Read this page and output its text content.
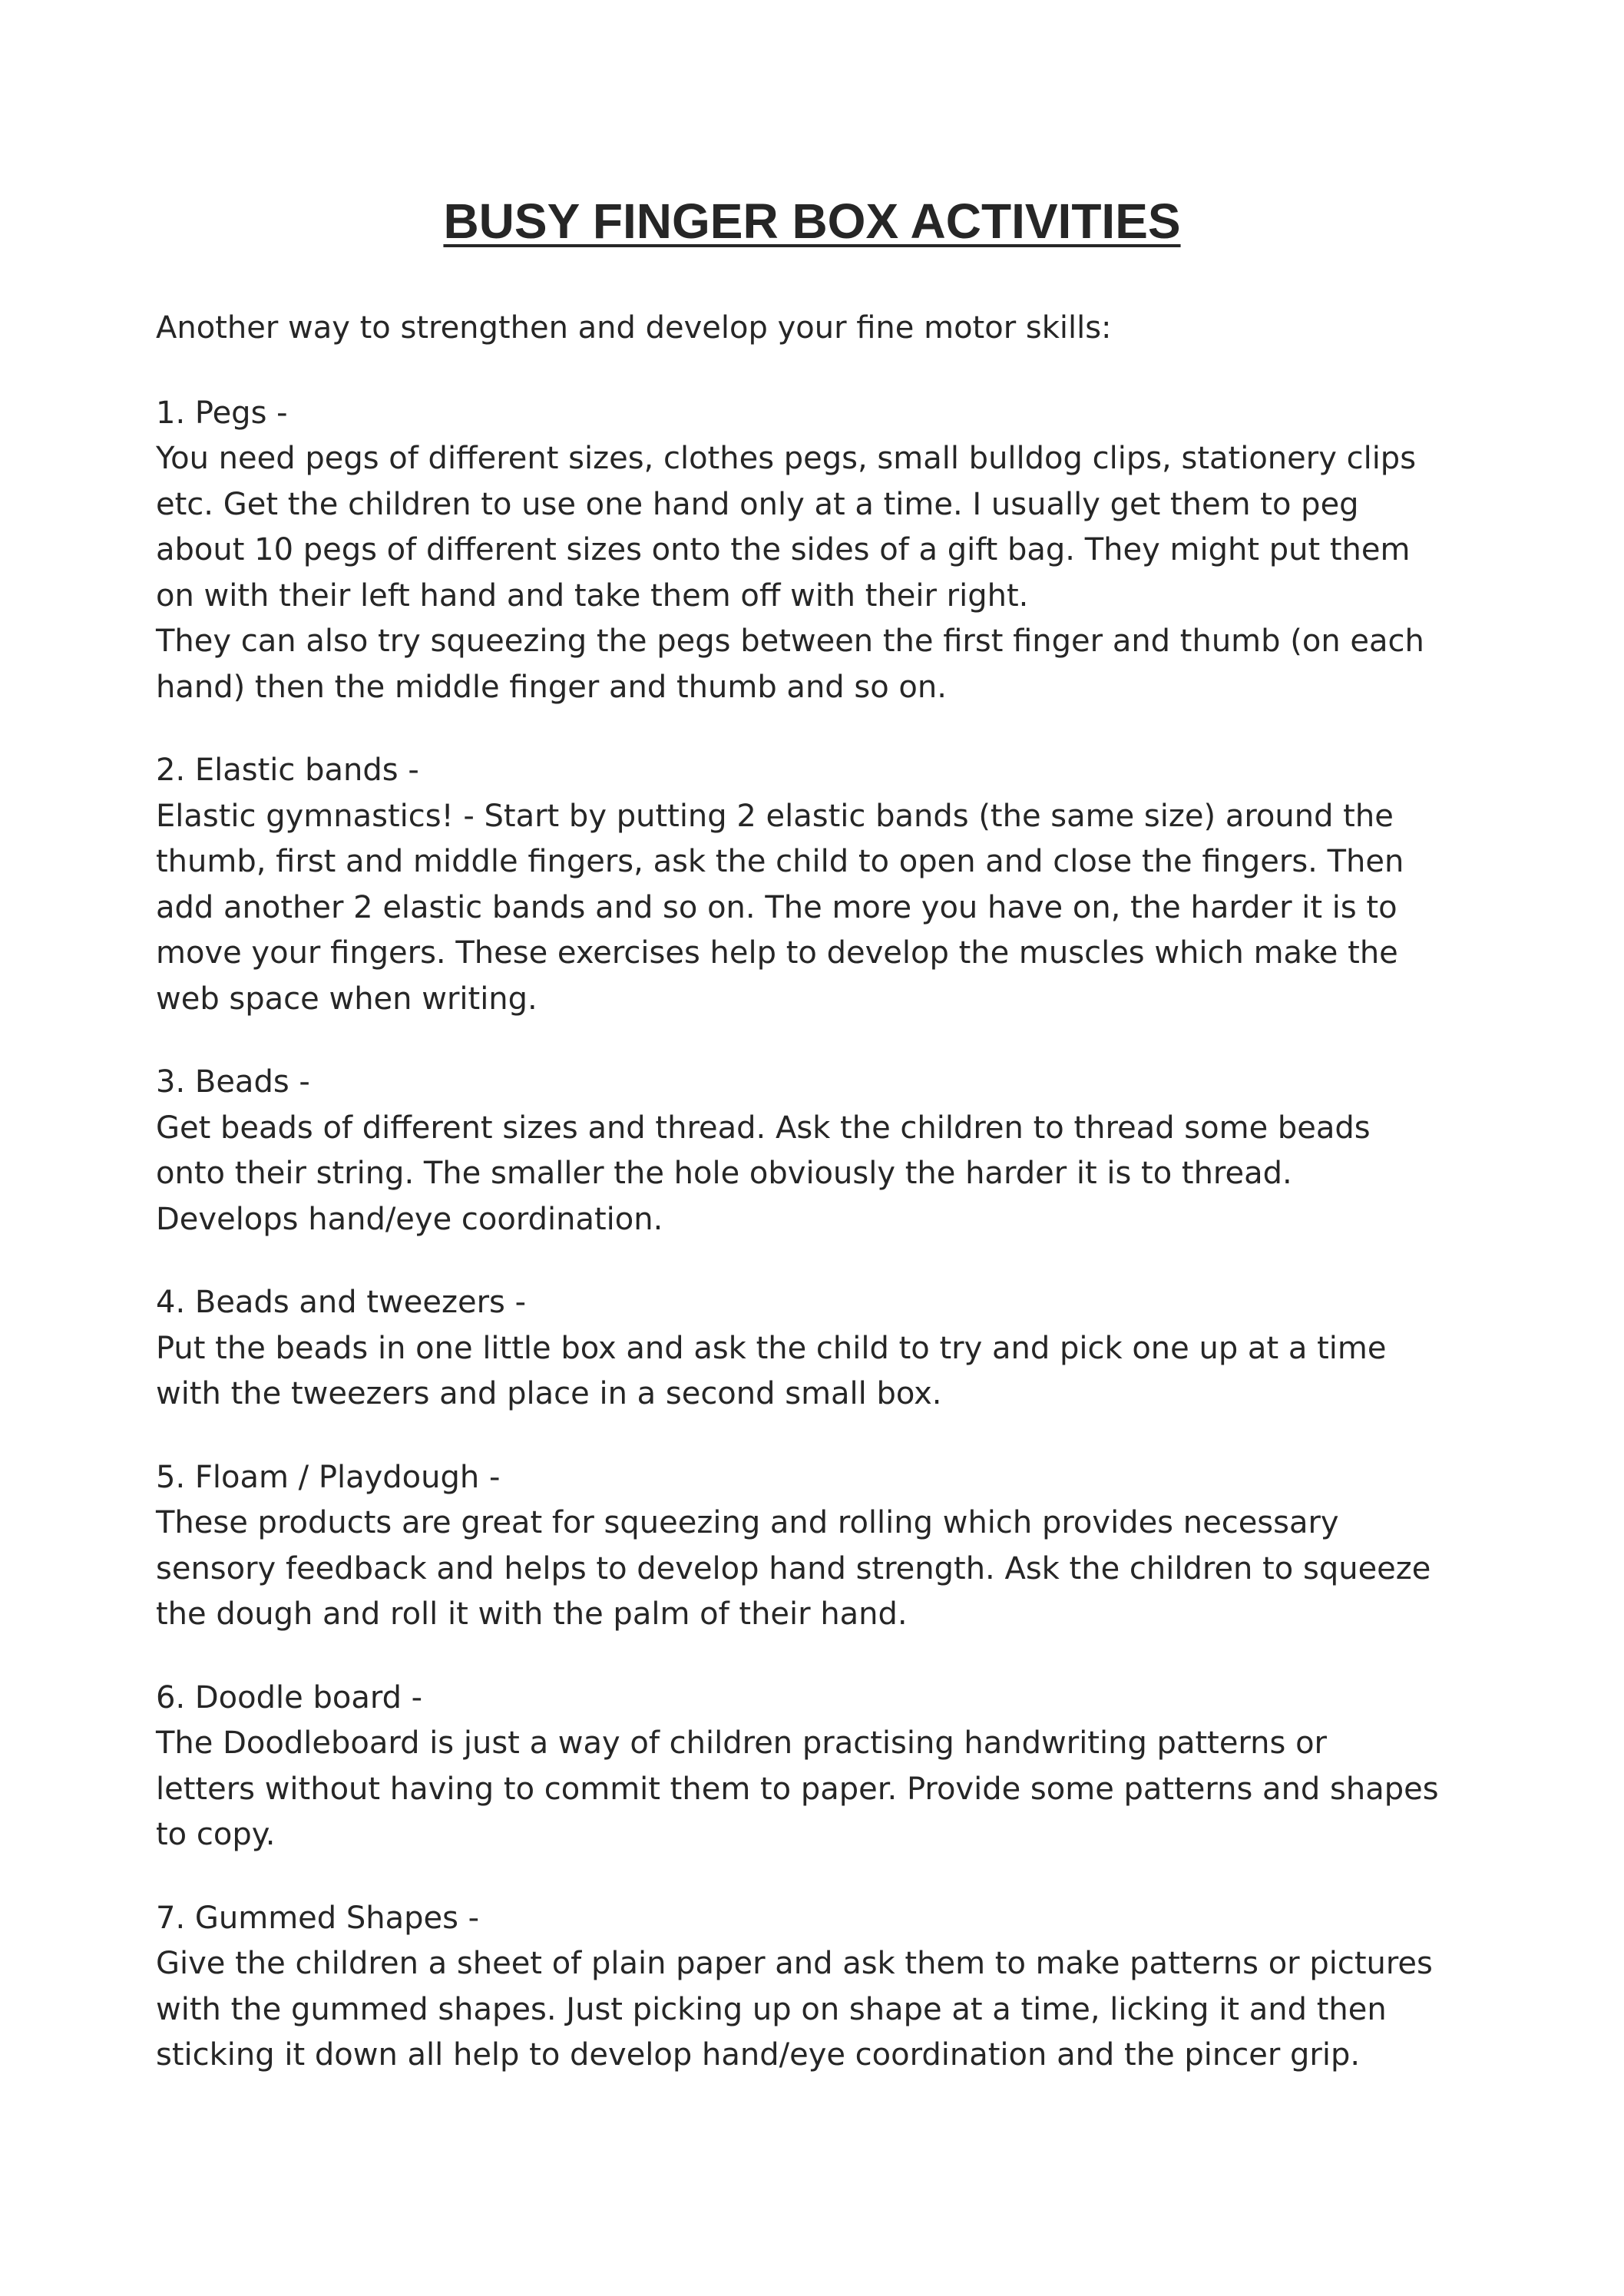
BUSY FINGER BOX ACTIVITIES

Another way to strengthen and develop your fine motor skills:

1. Pegs -

You need pegs of different sizes, clothes pegs, small bulldog clips, stationery clips
etc. Get the children to use one hand only at a time. I usually get them to peg
about 10 pegs of different sizes onto the sides of a gift bag. They might put them
on with their left hand and take them off with their right.
They can also try squeezing the pegs between the first finger and thumb (on each
hand) then the middle finger and thumb and so on.

2. Elastic bands -

Elastic gymnastics! - Start by putting 2 elastic bands (the same size) around the
thumb, first and middle fingers, ask the child to open and close the fingers. Then
add another 2 elastic bands and so on. The more you have on, the harder it is to
move your fingers. These exercises help to develop the muscles which make the
web space when writing.

3. Beads -

Get beads of different sizes and thread. Ask the children to thread some beads
onto their string. The smaller the hole obviously the harder it is to thread.
Develops hand/eye coordination.

4. Beads and tweezers -

Put the beads in one little box and ask the child to try and pick one up at a time
with the tweezers and place in a second small box.

5. Floam / Playdough -

These products are great for squeezing and rolling which provides necessary
sensory feedback and helps to develop hand strength. Ask the children to squeeze
the dough and roll it with the palm of their hand.

6. Doodle board -

The Doodleboard is just a way of children practising handwriting patterns or
letters without having to commit them to paper. Provide some patterns and shapes
to copy.

7. Gummed Shapes -

Give the children a sheet of plain paper and ask them to make patterns or pictures
with the gummed shapes. Just picking up on shape at a time, licking it and then
sticking it down all help to develop hand/eye coordination and the pincer grip.
